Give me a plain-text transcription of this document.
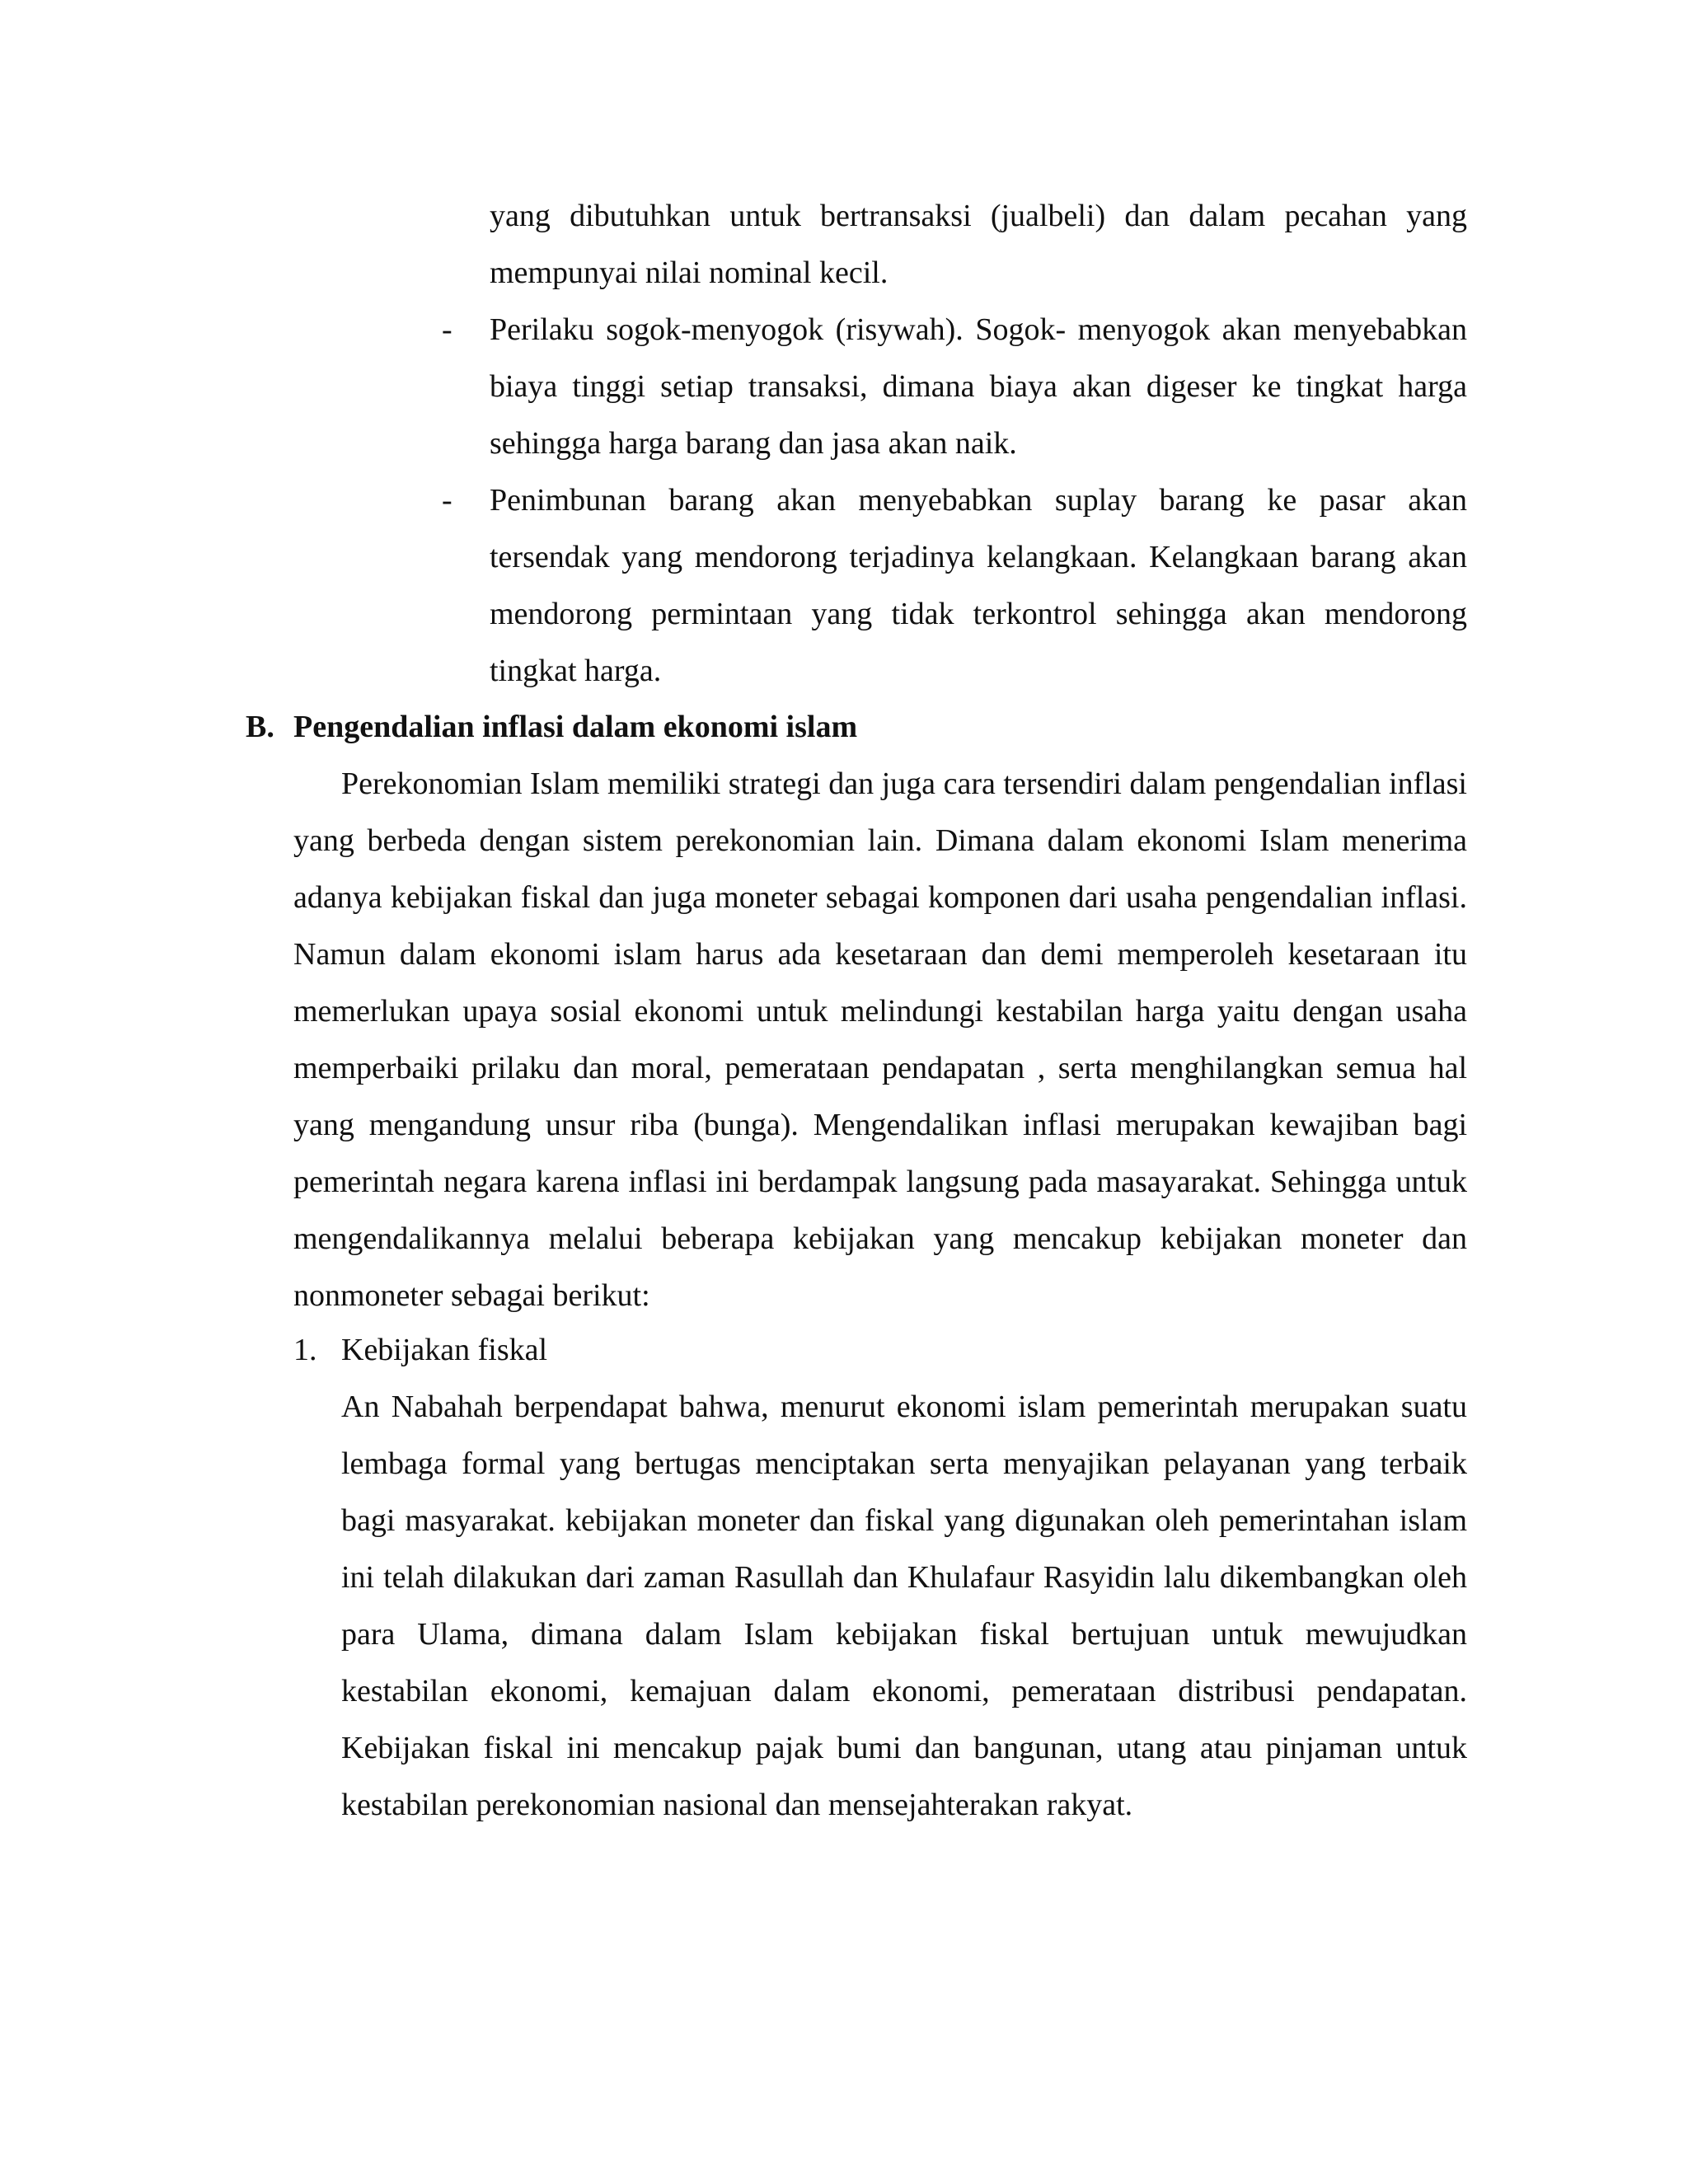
yang dibutuhkan untuk bertransaksi (jualbeli) dan dalam pecahan yang mempunyai nilai nominal kecil.

- Perilaku sogok-menyogok (risywah). Sogok- menyogok akan menyebabkan biaya tinggi setiap transaksi, dimana biaya akan digeser ke tingkat harga sehingga harga barang dan jasa akan naik.

- Penimbunan barang akan menyebabkan suplay barang ke pasar akan tersendak yang mendorong terjadinya kelangkaan. Kelangkaan barang akan mendorong permintaan yang tidak terkontrol sehingga akan mendorong tingkat harga.

B. Pengendalian inflasi dalam ekonomi islam

Perekonomian Islam memiliki strategi dan juga cara tersendiri dalam pengendalian inflasi yang berbeda dengan sistem perekonomian lain. Dimana dalam ekonomi Islam menerima adanya kebijakan fiskal dan juga moneter sebagai komponen dari usaha pengendalian inflasi. Namun dalam ekonomi islam harus ada kesetaraan dan demi memperoleh kesetaraan itu memerlukan upaya sosial ekonomi untuk melindungi kestabilan harga yaitu dengan usaha memperbaiki prilaku dan moral, pemerataan pendapatan , serta menghilangkan semua hal yang mengandung unsur riba (bunga). Mengendalikan inflasi merupakan kewajiban bagi pemerintah negara karena inflasi ini berdampak langsung pada masayarakat. Sehingga untuk mengendalikannya melalui beberapa kebijakan yang mencakup kebijakan moneter dan nonmoneter sebagai berikut:

1. Kebijakan fiskal

An Nabahah berpendapat bahwa, menurut ekonomi islam pemerintah merupakan suatu lembaga formal yang bertugas menciptakan serta menyajikan pelayanan yang terbaik bagi masyarakat. kebijakan moneter dan fiskal yang digunakan oleh pemerintahan islam ini telah dilakukan dari zaman Rasullah dan Khulafaur Rasyidin lalu dikembangkan oleh para Ulama, dimana dalam Islam kebijakan fiskal bertujuan untuk mewujudkan kestabilan ekonomi, kemajuan dalam ekonomi, pemerataan distribusi pendapatan. Kebijakan fiskal ini mencakup pajak bumi dan bangunan, utang atau pinjaman untuk kestabilan perekonomian nasional dan mensejahterakan rakyat.
